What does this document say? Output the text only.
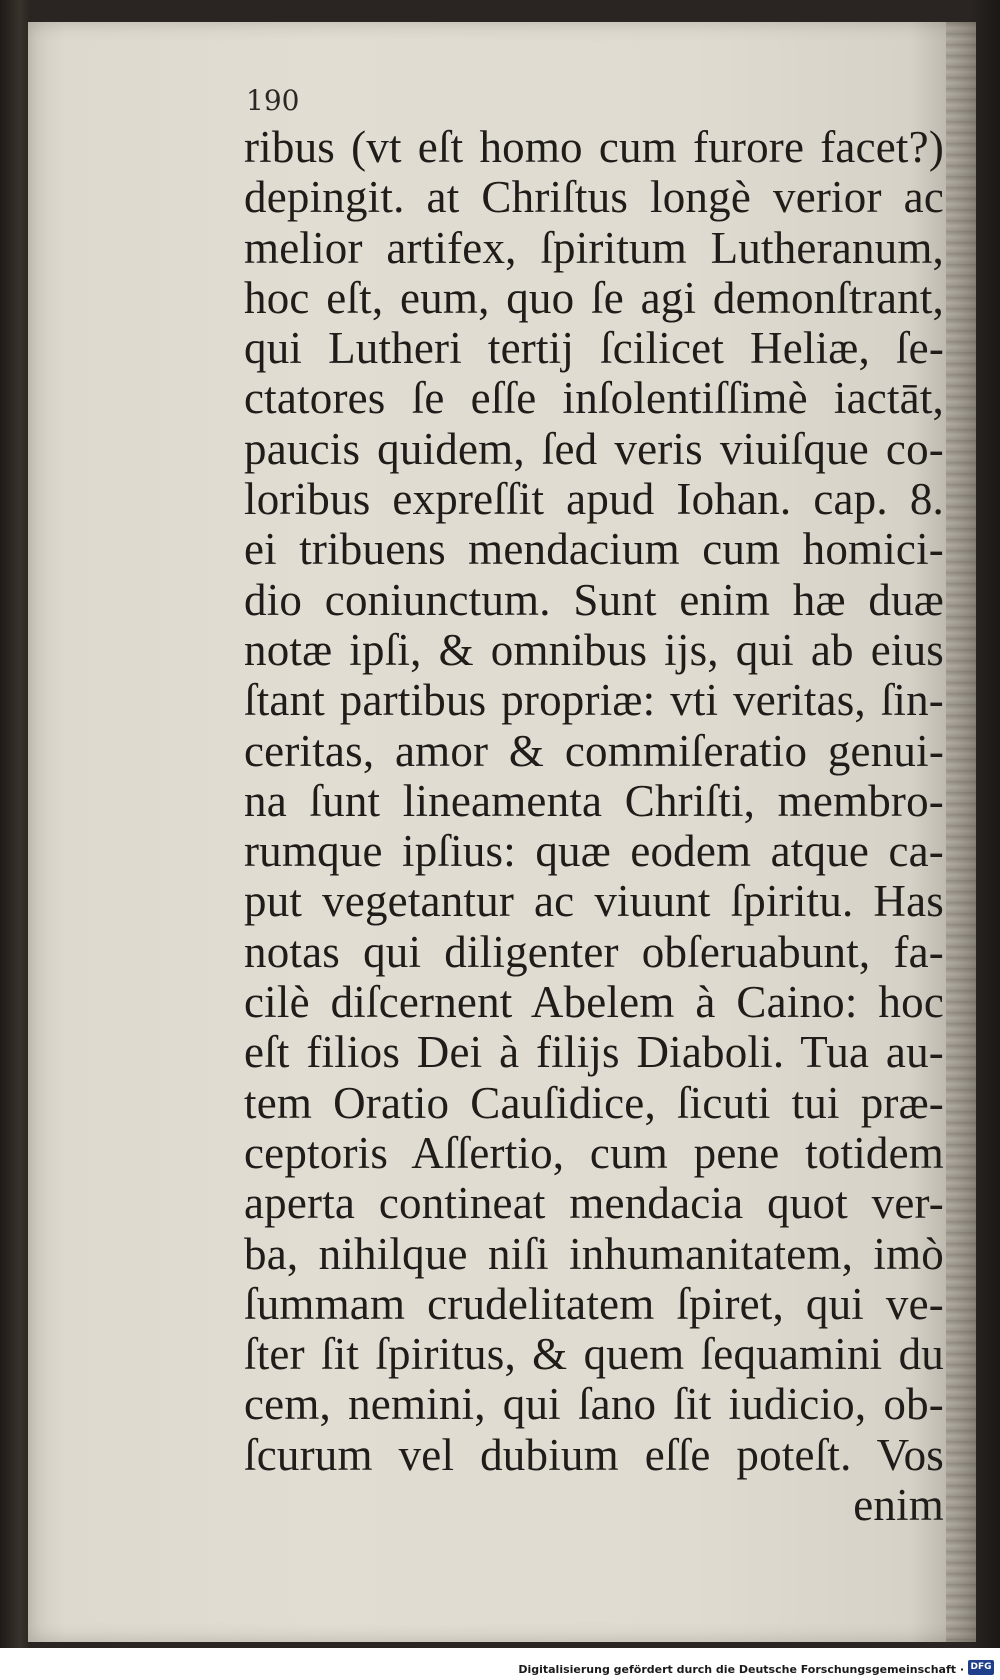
190
ribus (vt eſt homo cum furore facet?)
depingit. at Chriſtus longè verior ac
melior artifex, ſpiritum Lutheranum,
hoc eſt, eum, quo ſe agi demonſtrant,
qui Lutheri tertij ſcilicet Heliæ, ſe-
ctatores ſe eſſe inſolentiſſimè iactāt,
paucis quidem, ſed veris viuiſque co-
loribus expreſſit apud Iohan. cap. 8.
ei tribuens mendacium cum homici-
dio coniunctum. Sunt enim hæ duæ
notæ ipſi, & omnibus ijs, qui ab eius
ſtant partibus propriæ: vti veritas, ſin-
ceritas, amor & commiſeratio genui-
na ſunt lineamenta Chriſti, membro-
rumque ipſius: quæ eodem atque ca-
put vegetantur ac viuunt ſpiritu. Has
notas qui diligenter obſeruabunt, fa-
cilè diſcernent Abelem à Caino: hoc
eſt filios Dei à filijs Diaboli. Tua au-
tem Oratio Cauſidice, ſicuti tui præ-
ceptoris Aſſertio, cum pene totidem
aperta contineat mendacia quot ver-
ba, nihilque niſi inhumanitatem, imò
ſummam crudelitatem ſpiret, qui ve-
ſter ſit ſpiritus, & quem ſequamini du
cem, nemini, qui ſano ſit iudicio, ob-
ſcurum vel dubium eſſe poteſt. Vos
enim
Digitalisierung gefördert durch die Deutsche Forschungsgemeinschaft · DFG
